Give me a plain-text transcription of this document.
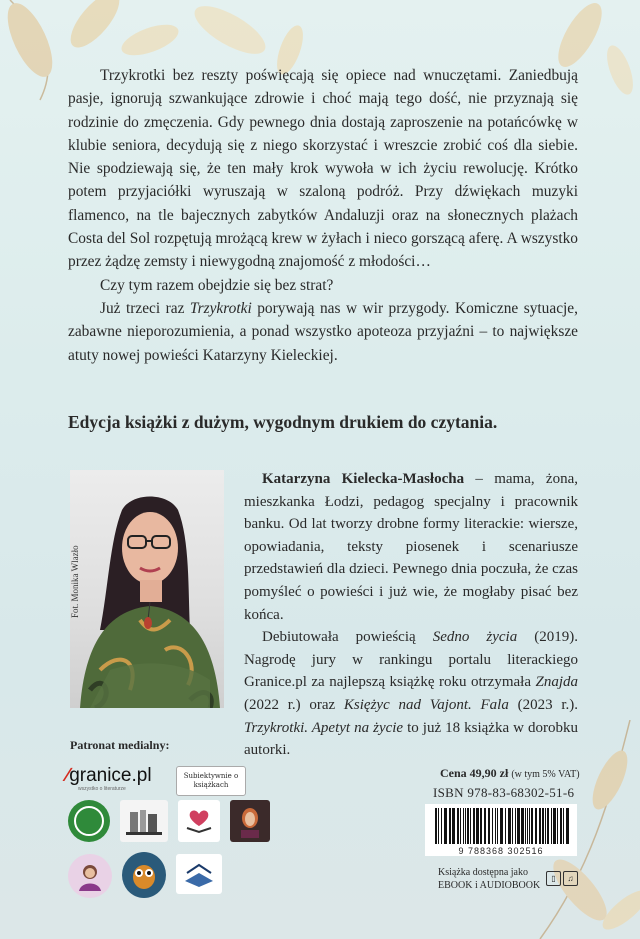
Trzykrotki bez reszty poświęcają się opiece nad wnuczętami. Zaniedbują pasje, ignorują szwankujące zdrowie i choć mają tego dość, nie przyznają się rodzinie do zmęczenia. Gdy pewnego dnia dostają zaproszenie na potańcówkę w klubie seniora, decydują się z niego skorzystać i wreszcie zrobić coś dla siebie. Nie spodziewają się, że ten mały krok wywoła w ich życiu rewolucję. Krótko potem przyjaciółki wyruszają w szaloną podróż. Przy dźwiękach muzyki flamenco, na tle bajecznych zabytków Andaluzji oraz na słonecznych plażach Costa del Sol rozpętują mrożącą krew w żyłach i nieco gorszącą aferę. A wszystko przez żądzę zemsty i niewygodną znajomość z młodości…

Czy tym razem obejdzie się bez strat?

Już trzeci raz Trzykrotki porywają nas w wir przygody. Komiczne sytuacje, zabawne nieporozumienia, a ponad wszystko apoteoza przyjaźni – to największe atuty nowej powieści Katarzyny Kieleckiej.

Edycja książki z dużym, wygodnym drukiem do czytania.
Fot. Monika Wlazło

Katarzyna Kielecka-Masłocha – mama, żona, mieszkanka Łodzi, pedagog specjalny i pracownik banku. Od lat tworzy drobne formy literackie: wiersze, opowiadania, teksty piosenek i scenariusze przedstawień dla dzieci. Pewnego dnia poczuła, że czas pomyśleć o powieści i już wie, że mogłaby pisać bez końca.

Debiutowała powieścią Sedno życia (2019). Nagrodę jury w rankingu portalu literackiego Granice.pl za najlepszą książkę roku otrzymała Znajda (2022 r.) oraz Księżyc nad Vajont. Fala (2023 r.). Trzykrotki. Apetyt na życie to już 18 książka w dorobku autorki.

Patronat medialny:
∕granice.pl
wszystko o literaturze
Subiektywnie o książkach
Cena 49,90 zł (w tym 5% VAT)
ISBN 978-83-68302-51-6
9 788368 302516
Książka dostępna jako
EBOOK i AUDIOBOOK
▯	♫
